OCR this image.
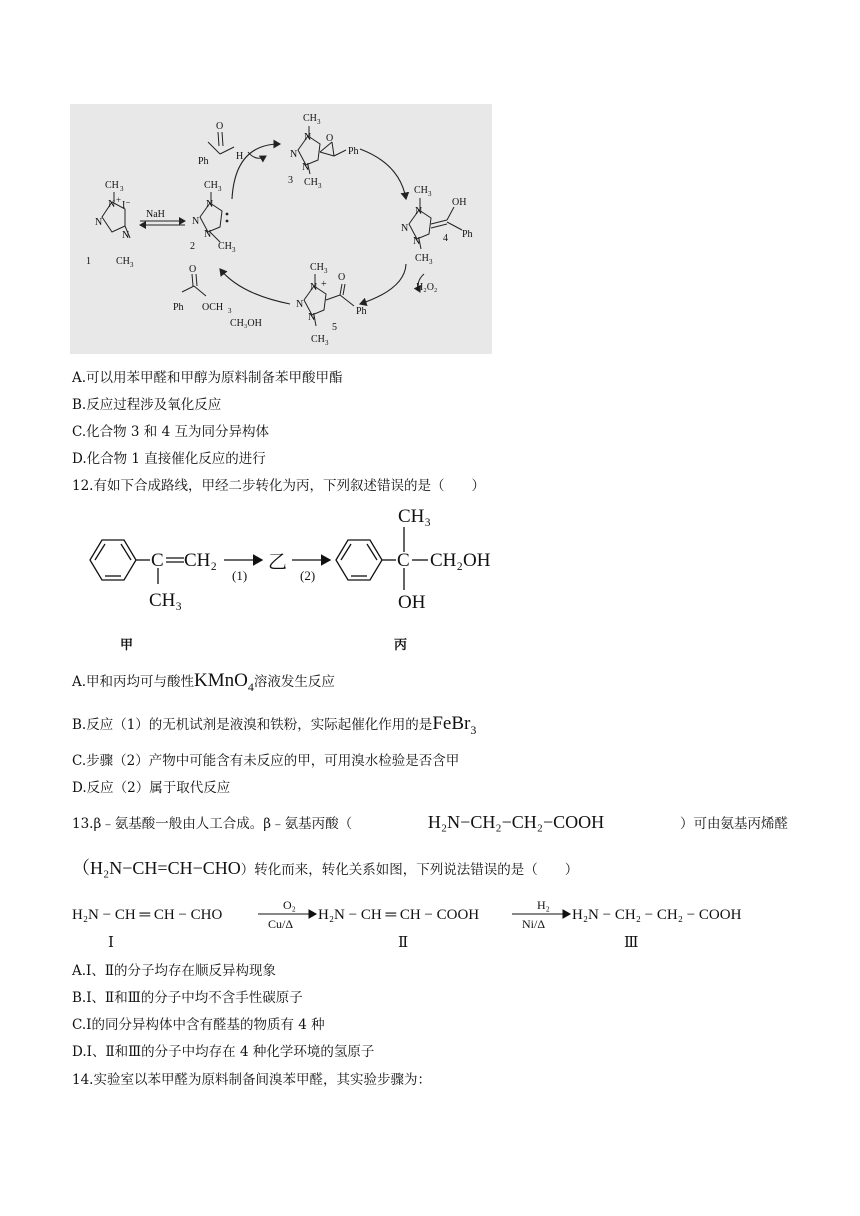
CH 3
N + I⁻
N
N
1	CH 3
NaH
CH 3
N
N
N
2 CH 3
O
Ph	H
CH 3
N
N
N
O
Ph
3 CH 3	CH 3
N
N
N
OH
Ph
4
CH 3
H₂O₂
CH 3
N +
N
N
O
Ph
5
CH 3
O
Ph OCH 3
CH₃OH
A.可以用苯甲醛和甲醇为原料制备苯甲酸甲酯
B.反应过程涉及氧化反应
C.化合物 3 和 4 互为同分异构体
D.化合物 1 直接催化反应的进行
12.有如下合成路线，甲经二步转化为丙，下列叙述错误的是（　　）
C CH₂
CH₃
(1)
乙
(2)
C
CH₃
CH₂OH
OH
甲	丙
A.甲和丙均可与酸性KMnO$_4$溶液发生反应
B.反应（1）的无机试剂是液溴和铁粉，实际起催化作用的是FeBr$_3$
C.步骤（2）产物中可能含有未反应的甲，可用溴水检验是否含甲
D.反应（2）属于取代反应
13.β﹣氨基酸一般由人工合成。β﹣氨基丙酸（	H₂N−CH₂−CH₂−COOH	）可由氨基丙烯醛
（H₂N−CH=CH−CHO）转化而来，转化关系如图，下列说法错误的是（　　）
H₂N − CH ═ CH − CHO
O₂
Cu/Δ
H₂N − CH ═ CH − COOH
H₂
Ni/Δ
H₂N − CH₂ − CH₂ − COOH
Ⅰ	Ⅱ	Ⅲ
A.Ⅰ、Ⅱ的分子均存在顺反异构现象
B.Ⅰ、Ⅱ和Ⅲ的分子中均不含手性碳原子
C.Ⅰ的同分异构体中含有醛基的物质有 4 种
D.Ⅰ、Ⅱ和Ⅲ的分子中均存在 4 种化学环境的氢原子
14.实验室以苯甲醛为原料制备间溴苯甲醛，其实验步骤为：
